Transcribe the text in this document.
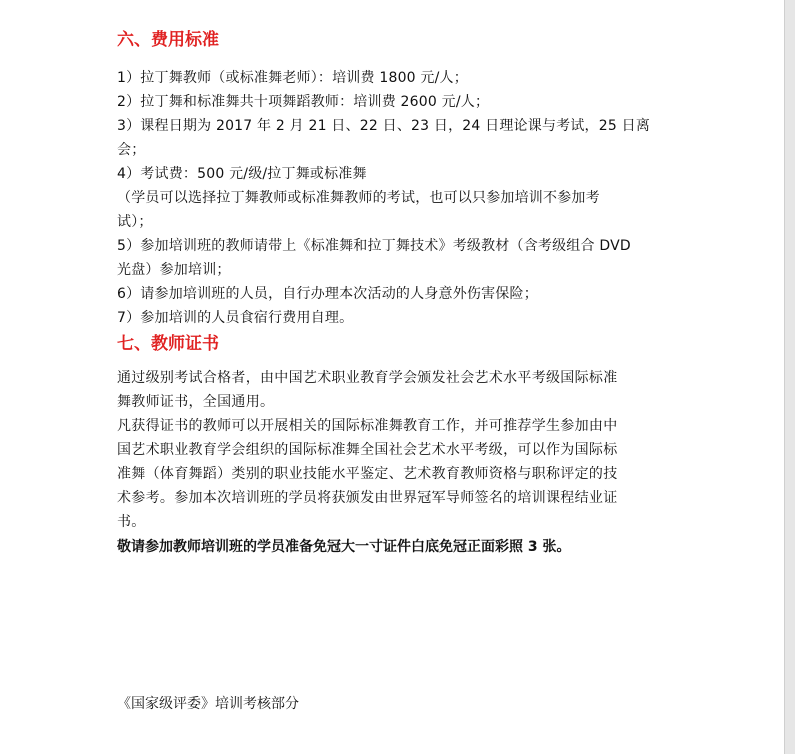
六、费用标准
1）拉丁舞教师（或标准舞老师）：培训费 1800 元/人；
2）拉丁舞和标准舞共十项舞蹈教师：培训费 2600 元/人；
3）课程日期为 2017 年 2 月 21 日、22 日、23 日，24 日理论课与考试，25 日离
会；
4）考试费：500 元/级/拉丁舞或标准舞
（学员可以选择拉丁舞教师或标准舞教师的考试，也可以只参加培训不参加考
试）；
5）参加培训班的教师请带上《标准舞和拉丁舞技术》考级教材（含考级组合 DVD
光盘）参加培训；
6）请参加培训班的人员，自行办理本次活动的人身意外伤害保险；
7）参加培训的人员食宿行费用自理。
七、教师证书
通过级别考试合格者，由中国艺术职业教育学会颁发社会艺术水平考级国际标准
舞教师证书，全国通用。
凡获得证书的教师可以开展相关的国际标准舞教育工作，并可推荐学生参加由中
国艺术职业教育学会组织的国际标准舞全国社会艺术水平考级，可以作为国际标
准舞（体育舞蹈）类别的职业技能水平鉴定、艺术教育教师资格与职称评定的技
术参考。参加本次培训班的学员将获颁发由世界冠军导师签名的培训课程结业证
书。
敬请参加教师培训班的学员准备免冠大一寸证件白底免冠正面彩照 3 张。
《国家级评委》培训考核部分
